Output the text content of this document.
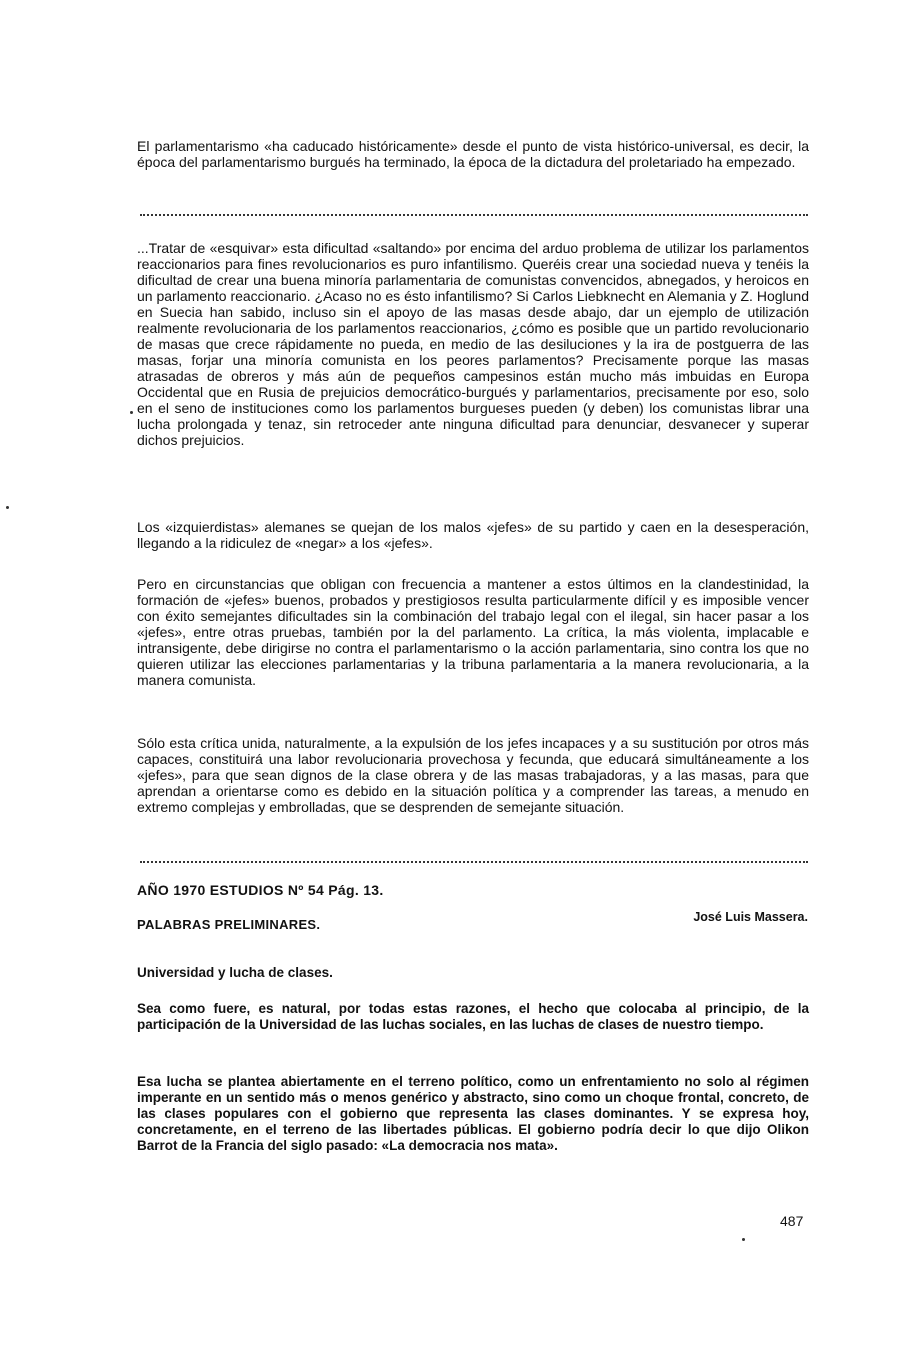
El parlamentarismo «ha caducado históricamente» desde el punto de vista histórico-universal, es decir, la época del parlamentarismo burgués ha terminado, la época de la dictadura del proletariado ha empezado.

...Tratar de «esquivar» esta dificultad «saltando» por encima del arduo problema de utilizar los parlamentos reaccionarios para fines revolucionarios es puro infantilismo. Queréis crear una sociedad nueva y tenéis la dificultad de crear una buena minoría parlamentaria de comunistas convencidos, abnegados, y heroicos en un parlamento reaccionario. ¿Acaso no es ésto infantilismo? Si Carlos Liebknecht en Alemania y Z. Hoglund en Suecia han sabido, incluso sin el apoyo de las masas desde abajo, dar un ejemplo de utilización realmente revolucionaria de los parlamentos reaccionarios, ¿cómo es posible que un partido revolucionario de masas que crece rápidamente no pueda, en medio de las desiluciones y la ira de postguerra de las masas, forjar una minoría comunista en los peores parlamentos? Precisamente porque las masas atrasadas de obreros y más aún de pequeños campesinos están mucho más imbuidas en Europa Occidental que en Rusia de prejuicios democrático-burgués y parlamentarios, precisamente por eso, solo en el seno de instituciones como los parlamentos burgueses pueden (y deben) los comunistas librar una lucha prolongada y tenaz, sin retroceder ante ninguna dificultad para denunciar, desvanecer y superar dichos prejuicios.

Los «izquierdistas» alemanes se quejan de los malos «jefes» de su partido y caen en la desesperación, llegando a la ridiculez de «negar» a los «jefes».

Pero en circunstancias que obligan con frecuencia a mantener a estos últimos en la clandestinidad, la formación de «jefes» buenos, probados y prestigiosos resulta particularmente difícil y es imposible vencer con éxito semejantes dificultades sin la combinación del trabajo legal con el ilegal, sin hacer pasar a los «jefes», entre otras pruebas, también por la del parlamento. La crítica, la más violenta, implacable e intransigente, debe dirigirse no contra el parlamentarismo o la acción parlamentaria, sino contra los que no quieren utilizar las elecciones parlamentarias y la tribuna parlamentaria a la manera revolucionaria, a la manera comunista.

Sólo esta crítica unida, naturalmente, a la expulsión de los jefes incapaces y a su sustitución por otros más capaces, constituirá una labor revolucionaria provechosa y fecunda, que educará simultáneamente a los «jefes», para que sean dignos de la clase obrera y de las masas trabajadoras, y a las masas, para que aprendan a orientarse como es debido en la situación política y a comprender las tareas, a menudo en extremo complejas y embrolladas, que se desprenden de semejante situación.

AÑO 1970 ESTUDIOS Nº 54 Pág. 13.

PALABRAS PRELIMINARES.	José Luis Massera.

Universidad y lucha de clases.

Sea como fuere, es natural, por todas estas razones, el hecho que colocaba al principio, de la participación de la Universidad de las luchas sociales, en las luchas de clases de nuestro tiempo.

Esa lucha se plantea abiertamente en el terreno político, como un enfrentamiento no solo al régimen imperante en un sentido más o menos genérico y abstracto, sino como un choque frontal, concreto, de las clases populares con el gobierno que representa las clases dominantes. Y se expresa hoy, concretamente, en el terreno de las libertades públicas. El gobierno podría decir lo que dijo Olikon Barrot de la Francia del siglo pasado: «La democracia nos mata».

487
